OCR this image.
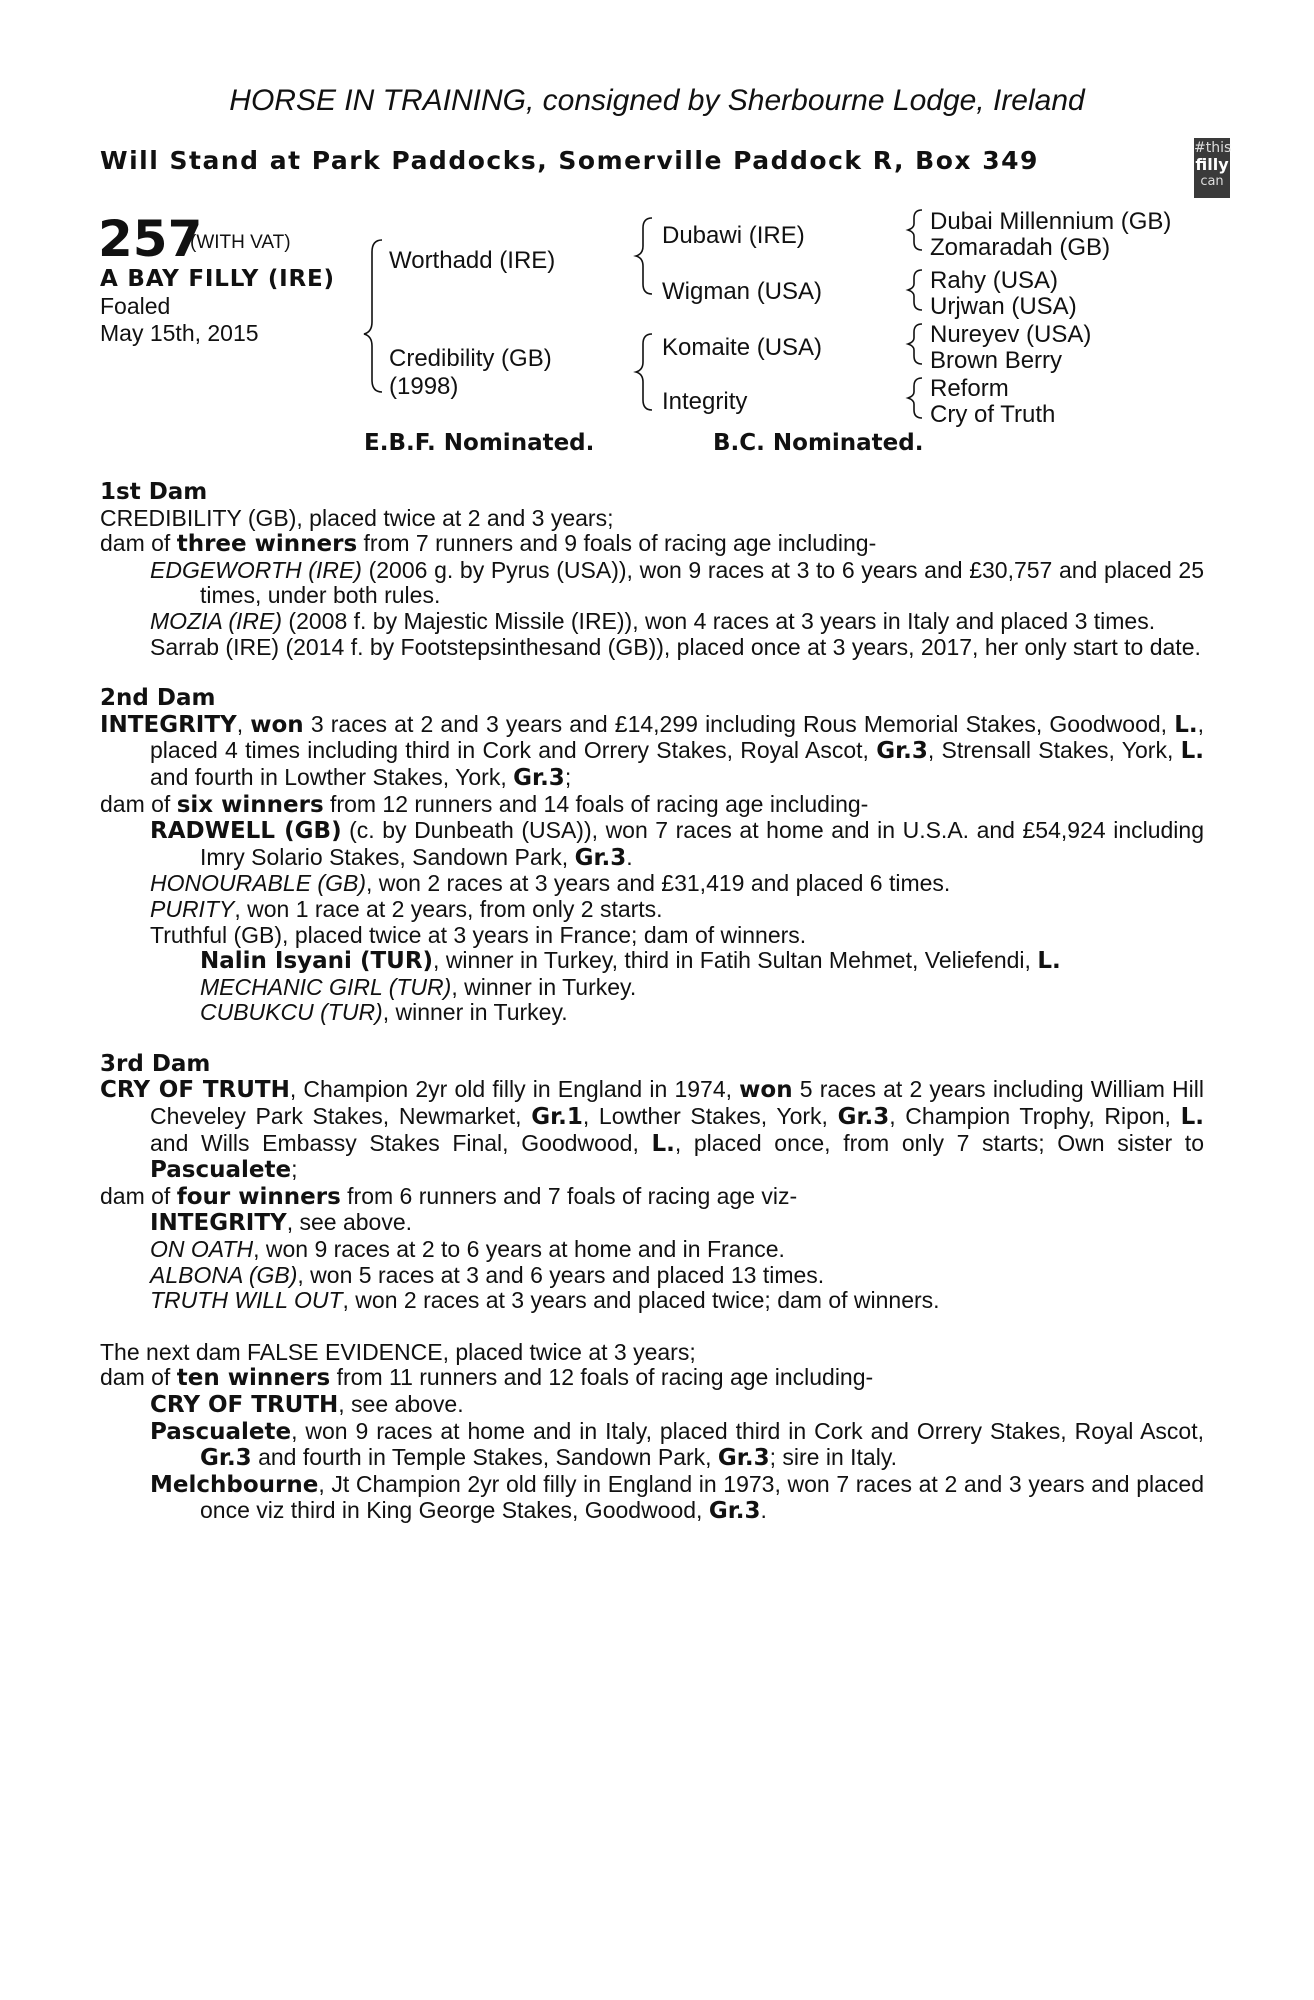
HORSE IN TRAINING, consigned by Sherbourne Lodge, Ireland
Will Stand at Park Paddocks, Somerville Paddock R, Box 349	#this
filly
can
257
(WITH VAT)
A BAY FILLY (IRE)
Foaled
May 15th, 2015
Worthadd (IRE)
Credibility (GB)
(1998)
Dubawi (IRE)
Wigman (USA)
Komaite (USA)
Integrity
Dubai Millennium (GB)
Zomaradah (GB)
Rahy (USA)
Urjwan (USA)
Nureyev (USA)
Brown Berry
Reform
Cry of Truth
E.B.F. Nominated.	B.C. Nominated.

1st Dam

CREDIBILITY (GB), placed twice at 2 and 3 years;

dam of three winners from 7 runners and 9 foals of racing age including-

EDGEWORTH (IRE) (2006 g. by Pyrus (USA)), won 9 races at 3 to 6 years and £30,757 and placed 25 times, under both rules.

MOZIA (IRE) (2008 f. by Majestic Missile (IRE)), won 4 races at 3 years in Italy and placed 3 times.

Sarrab (IRE) (2014 f. by Footstepsinthesand (GB)), placed once at 3 years, 2017, her only start to date.

2nd Dam

INTEGRITY, won 3 races at 2 and 3 years and £14,299 including Rous Memorial Stakes, Goodwood, L., placed 4 times including third in Cork and Orrery Stakes, Royal Ascot, Gr.3, Strensall Stakes, York, L. and fourth in Lowther Stakes, York, Gr.3;

dam of six winners from 12 runners and 14 foals of racing age including-

RADWELL (GB) (c. by Dunbeath (USA)), won 7 races at home and in U.S.A. and £54,924 including Imry Solario Stakes, Sandown Park, Gr.3.

HONOURABLE (GB), won 2 races at 3 years and £31,419 and placed 6 times.

PURITY, won 1 race at 2 years, from only 2 starts.

Truthful (GB), placed twice at 3 years in France; dam of winners.

Nalin Isyani (TUR), winner in Turkey, third in Fatih Sultan Mehmet, Veliefendi, L.

MECHANIC GIRL (TUR), winner in Turkey.

CUBUKCU (TUR), winner in Turkey.

3rd Dam

CRY OF TRUTH, Champion 2yr old filly in England in 1974, won 5 races at 2 years including William Hill Cheveley Park Stakes, Newmarket, Gr.1, Lowther Stakes, York, Gr.3, Champion Trophy, Ripon, L. and Wills Embassy Stakes Final, Goodwood, L., placed once, from only 7 starts; Own sister to Pascualete;

dam of four winners from 6 runners and 7 foals of racing age viz-

INTEGRITY, see above.

ON OATH, won 9 races at 2 to 6 years at home and in France.

ALBONA (GB), won 5 races at 3 and 6 years and placed 13 times.

TRUTH WILL OUT, won 2 races at 3 years and placed twice; dam of winners.

The next dam FALSE EVIDENCE, placed twice at 3 years;

dam of ten winners from 11 runners and 12 foals of racing age including-

CRY OF TRUTH, see above.

Pascualete, won 9 races at home and in Italy, placed third in Cork and Orrery Stakes, Royal Ascot, Gr.3 and fourth in Temple Stakes, Sandown Park, Gr.3; sire in Italy.

Melchbourne, Jt Champion 2yr old filly in England in 1973, won 7 races at 2 and 3 years and placed once viz third in King George Stakes, Goodwood, Gr.3.
